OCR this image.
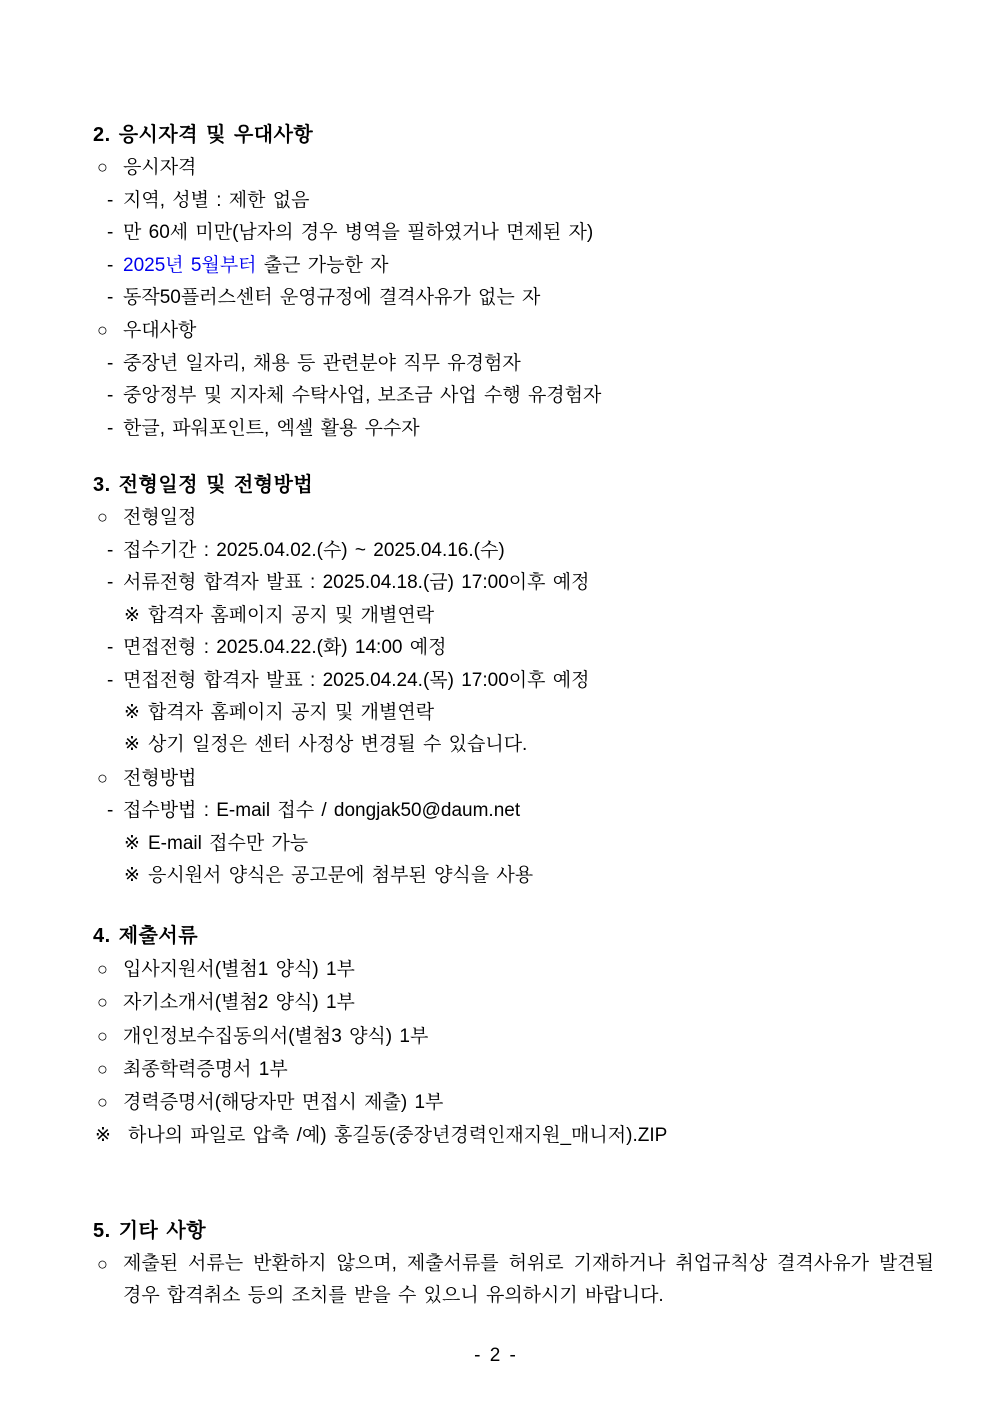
2. 응시자격 및 우대사항
○ 응시자격
- 지역, 성별 : 제한 없음
- 만 60세 미만(남자의 경우 병역을 필하였거나 면제된 자)
- 2025년 5월부터 출근 가능한 자
- 동작50플러스센터 운영규정에 결격사유가 없는 자
○ 우대사항
- 중장년 일자리, 채용 등 관련분야 직무 유경험자
- 중앙정부 및 지자체 수탁사업, 보조금 사업 수행 유경험자
- 한글, 파워포인트, 엑셀 활용 우수자
3. 전형일정 및 전형방법
○ 전형일정
- 접수기간 : 2025.04.02.(수) ~ 2025.04.16.(수)
- 서류전형 합격자 발표 : 2025.04.18.(금) 17:00이후 예정
※ 합격자 홈페이지 공지 및 개별연락
- 면접전형 : 2025.04.22.(화) 14:00 예정
- 면접전형 합격자 발표 : 2025.04.24.(목) 17:00이후 예정
※ 합격자 홈페이지 공지 및 개별연락
※ 상기 일정은 센터 사정상 변경될 수 있습니다.
○ 전형방법
- 접수방법 : E-mail 접수 / dongjak50@daum.net
※ E-mail 접수만 가능
※ 응시원서 양식은 공고문에 첨부된 양식을 사용
4. 제출서류
○ 입사지원서(별첨1 양식) 1부
○ 자기소개서(별첨2 양식) 1부
○ 개인정보수집동의서(별첨3 양식) 1부
○ 최종학력증명서 1부
○ 경력증명서(해당자만 면접시 제출) 1부
※ 하나의 파일로 압축 /예) 홍길동(중장년경력인재지원_매니저).ZIP
5. 기타 사항
○ 제출된 서류는 반환하지 않으며, 제출서류를 허위로 기재하거나 취업규칙상 결격사유가 발견될 경우 합격취소 등의 조치를 받을 수 있으니 유의하시기 바랍니다.
- 2 -
